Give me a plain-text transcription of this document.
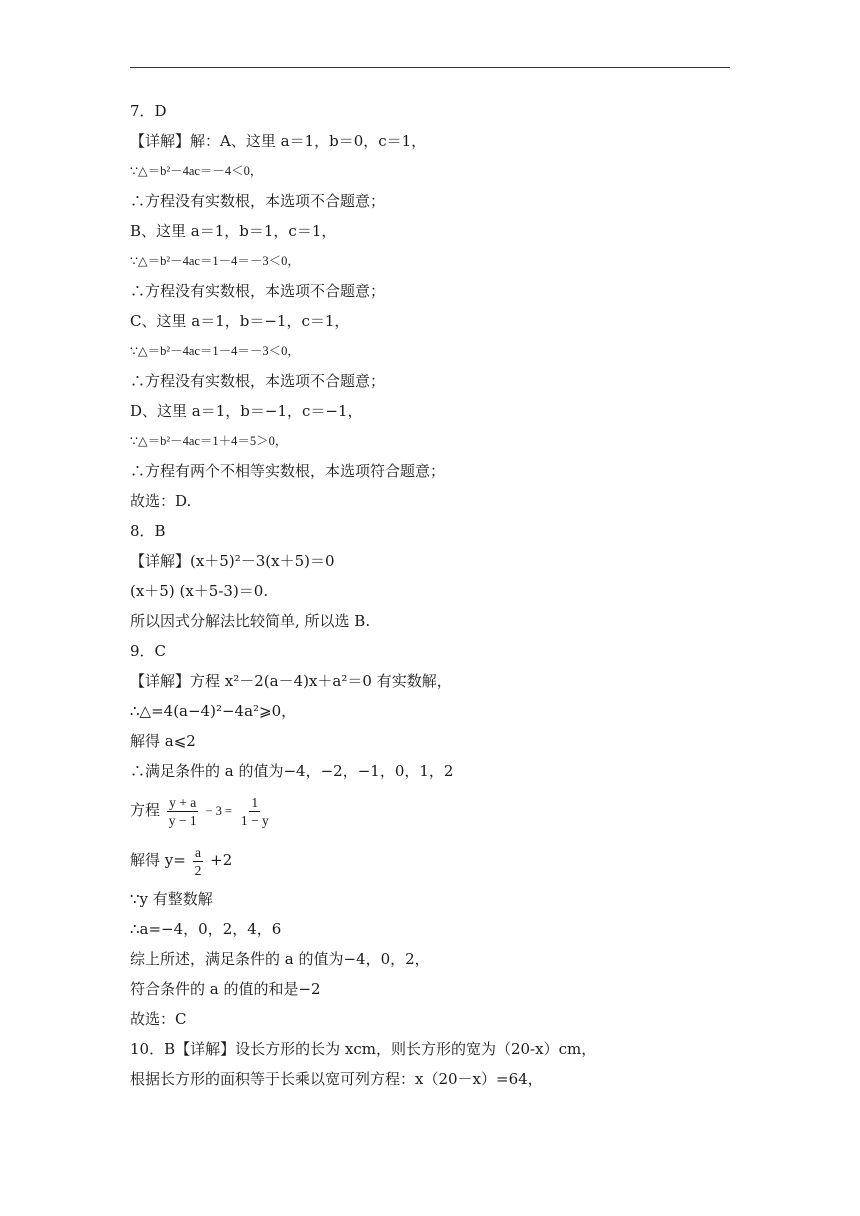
7．D
【详解】解：A、这里 a＝1，b＝0，c＝1，
∵△＝b²－4ac＝－4＜0，
∴方程没有实数根，本选项不合题意；
B、这里 a＝1，b＝1，c＝1，
∵△＝b²－4ac＝1－4＝－3＜0，
∴方程没有实数根，本选项不合题意；
C、这里 a＝1，b＝−1，c＝1，
∵△＝b²－4ac＝1－4＝－3＜0，
∴方程没有实数根，本选项不合题意；
D、这里 a＝1，b＝−1，c＝−1，
∵△＝b²－4ac＝1＋4＝5＞0，
∴方程有两个不相等实数根，本选项符合题意；
故选：D.
8．B
【详解】(x＋5)²－3(x＋5)＝0
(x＋5) (x＋5-3)＝0.
所以因式分解法比较简单, 所以选 B.
9．C
【详解】方程 x²－2(a－4)x＋a²＝0 有实数解，
∴△=4(a−4)²−4a²⩾0，
解得 a⩽2
∴满足条件的 a 的值为−4，−2，−1，0，1，2
方程 $\frac{y + a}{y - 1} - 3 = \frac{1}{1 - y}$
解得 $y= \frac{a}{2} +2$
∵y 有整数解
∴a=−4，0，2，4，6
综上所述，满足条件的 a 的值为−4，0，2，
符合条件的 a 的值的和是−2
故选：C
10．B【详解】设长方形的长为 xcm，则长方形的宽为（20-x）cm，
根据长方形的面积等于长乘以宽可列方程：x（20－x）=64，
